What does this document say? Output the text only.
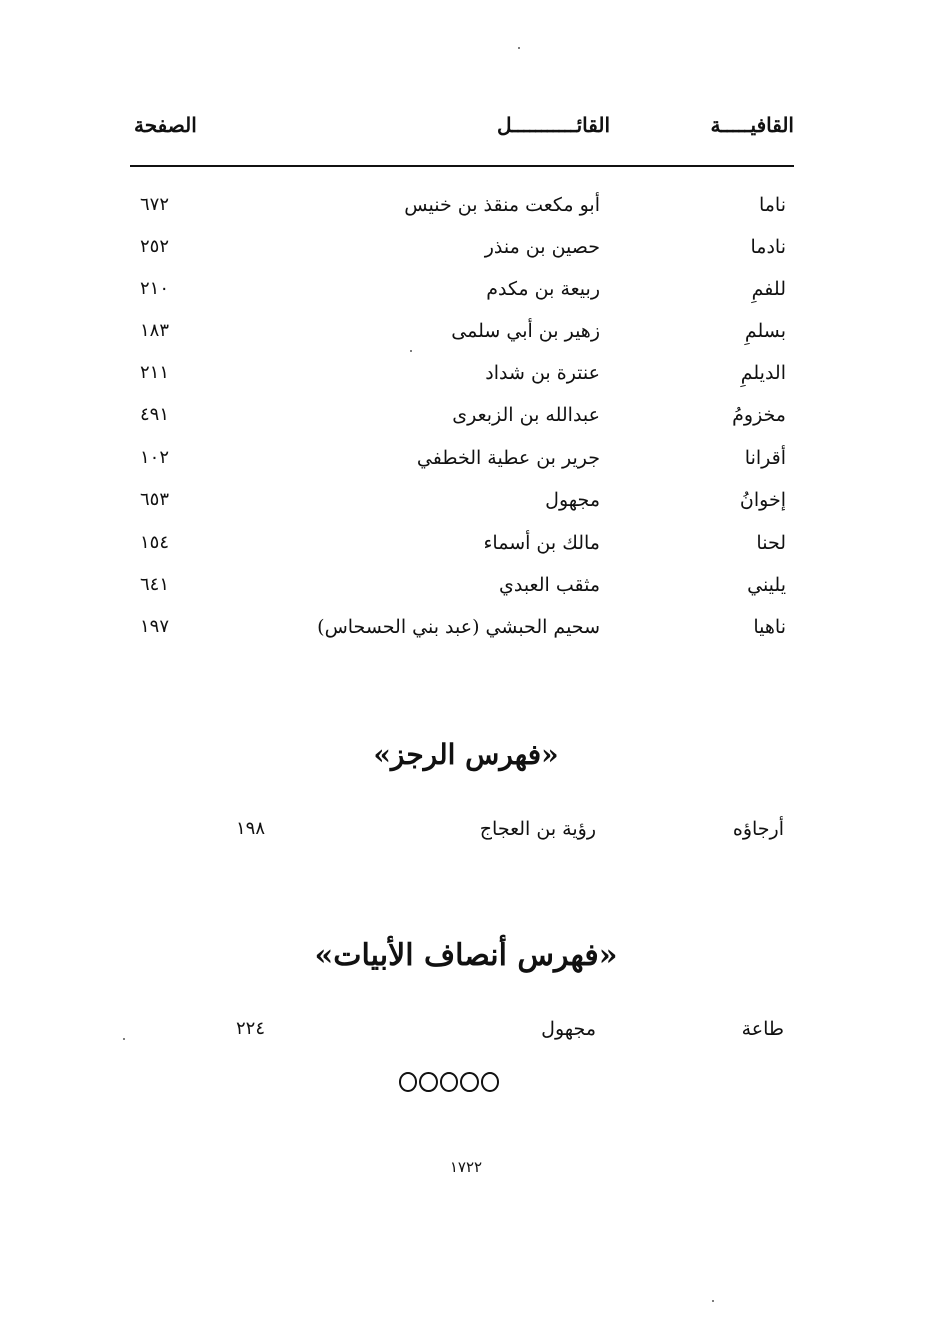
القافيـــــة
القائـــــــــــل
الصفحة
ناما
أبو مكعت منقذ بن خنيس
٦٧٢
نادما
حصين بن منذر
٢٥٢
للفمِ
ربيعة بن مكدم
٢١٠
بسلمِ
زهير بن أبي سلمى
١٨٣
الديلمِ
عنترة بن شداد
٢١١
مخزومُ
عبدالله بن الزبعرى
٤٩١
أقرانا
جرير بن عطية الخطفي
١٠٢
إخوانُ
مجهول
٦٥٣
لحنا
مالك بن أسماء
١٥٤
يليني
مثقب العبدي
٦٤١
ناهيا
سحيم الحبشي (عبد بني الحسحاس)
١٩٧
«فهرس الرجز»
أرجاؤه
رؤية بن العجاج
١٩٨
«فهرس أنصاف الأبيات»
طاعة
مجهول
٢٢٤
١٧٢٢
